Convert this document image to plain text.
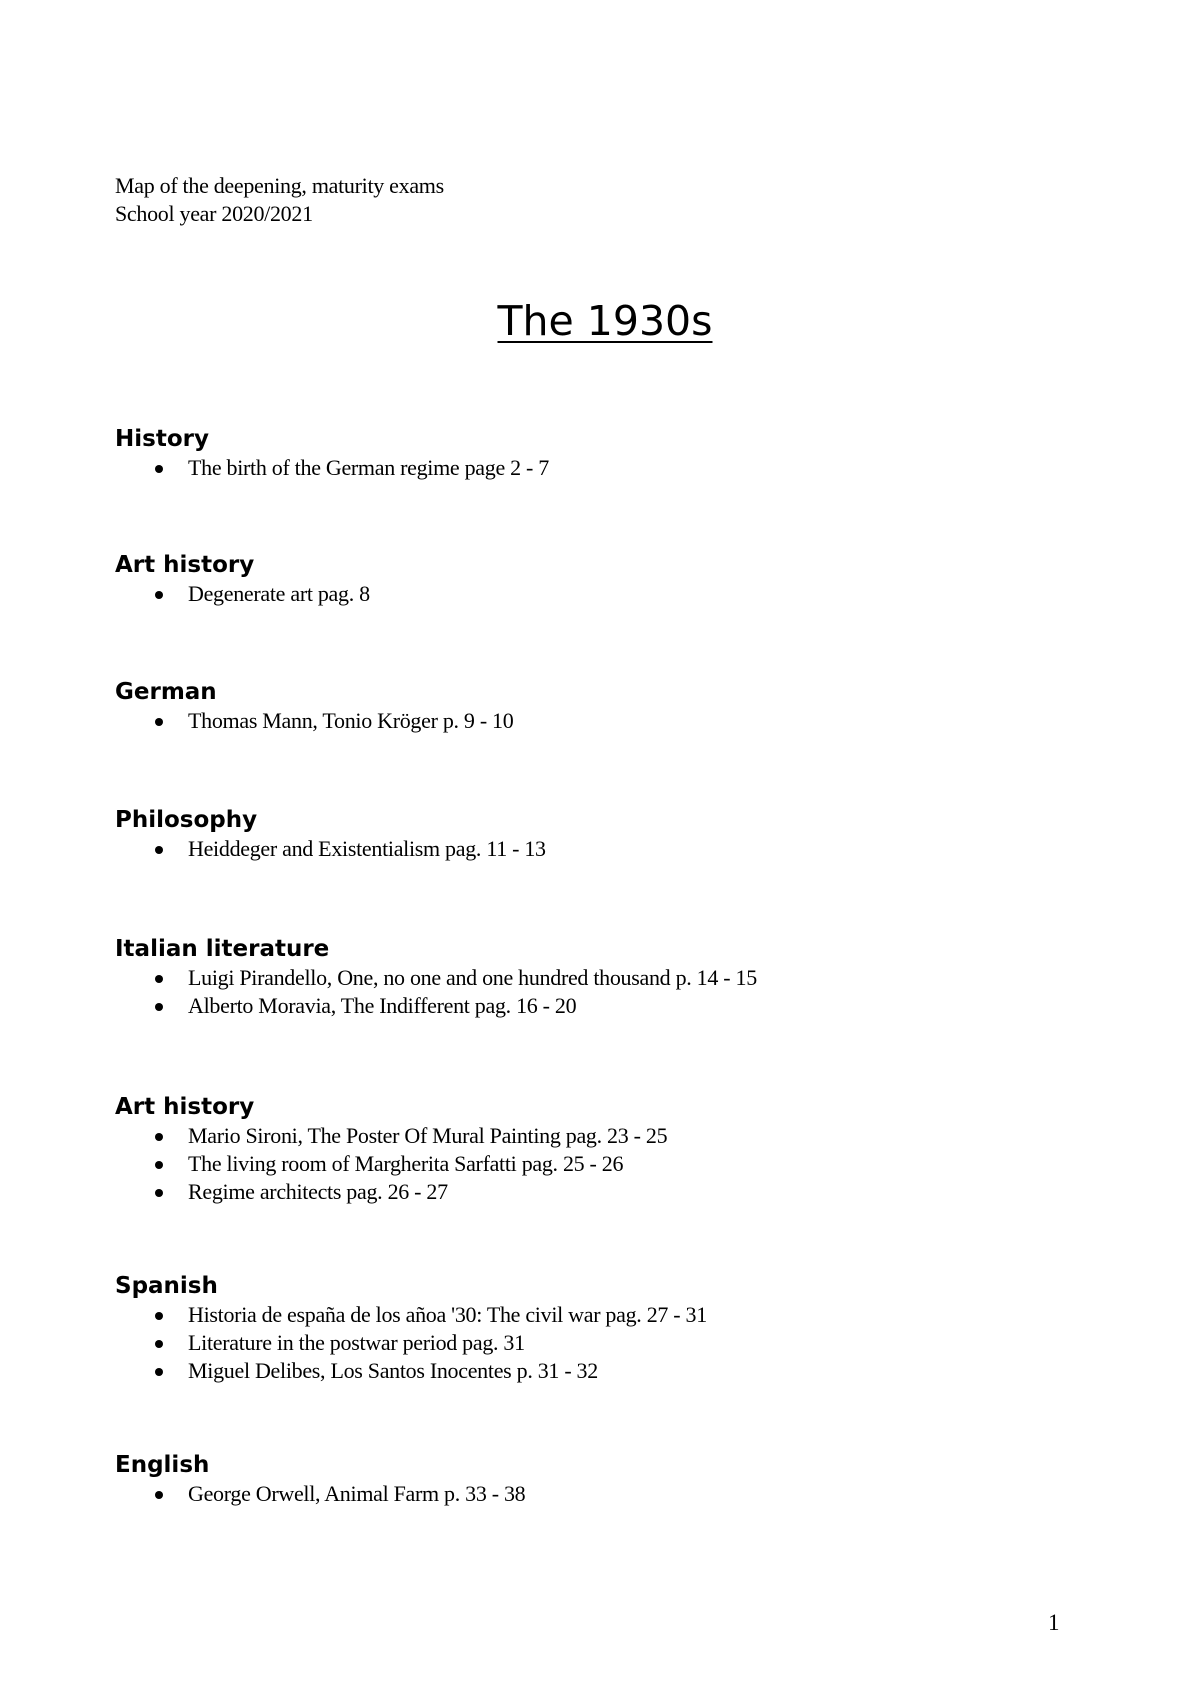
Map of the deepening, maturity exams
School year 2020/2021
The 1930s
History
The birth of the German regime page 2 - 7
Art history
Degenerate art pag. 8
German
Thomas Mann, Tonio Kröger p. 9 - 10
Philosophy
Heiddeger and Existentialism pag. 11 - 13
Italian literature
Luigi Pirandello, One, no one and one hundred thousand p. 14 - 15
Alberto Moravia, The Indifferent pag. 16 - 20
Art history
Mario Sironi, The Poster Of Mural Painting pag. 23 - 25
The living room of Margherita Sarfatti pag. 25 - 26
Regime architects pag. 26 - 27
Spanish
Historia de españa de los añoa '30: The civil war pag. 27 - 31
Literature in the postwar period pag. 31
Miguel Delibes, Los Santos Inocentes p. 31 - 32
English
George Orwell, Animal Farm p. 33 - 38
1
